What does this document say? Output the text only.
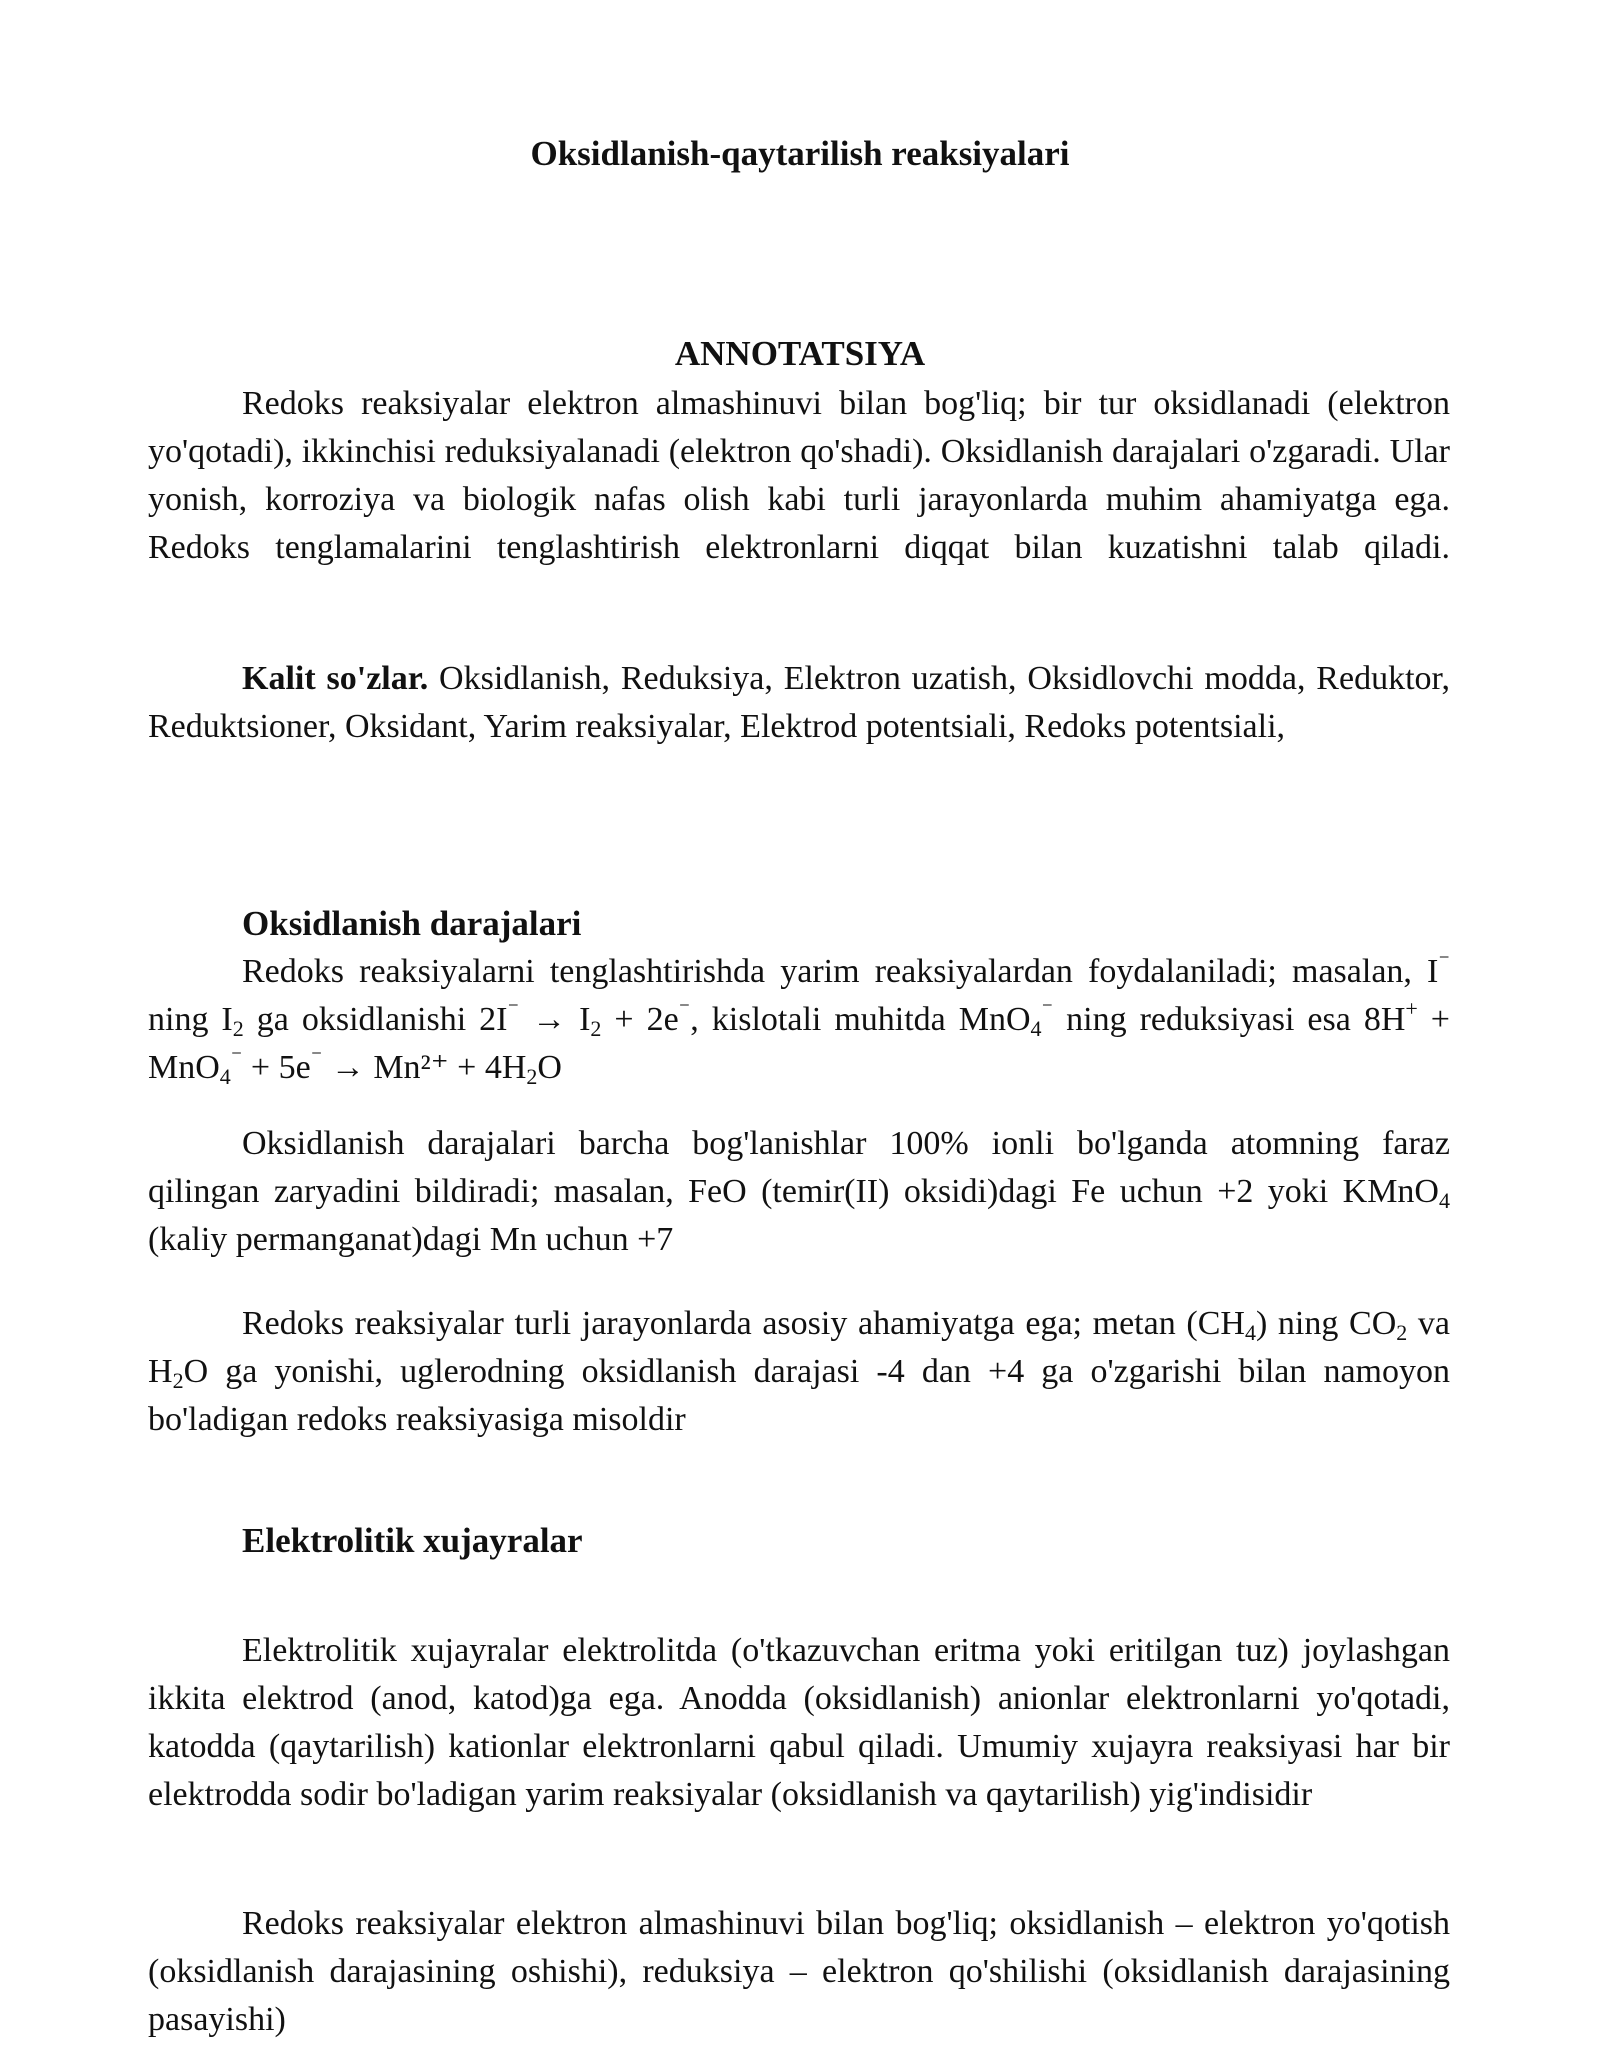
Oksidlanish-qaytarilish reaksiyalari
ANNOTATSIYA

Redoks reaksiyalar elektron almashinuvi bilan bog'liq; bir tur oksidlanadi (elektron yo'qotadi), ikkinchisi reduksiyalanadi (elektron qo'shadi). Oksidlanish darajalari o'zgaradi. Ular yonish, korroziya va biologik nafas olish kabi turli jarayonlarda muhim ahamiyatga ega. Redoks tenglamalarini tenglashtirish elektronlarni diqqat bilan kuzatishni talab qiladi.

Kalit so'zlar. Oksidlanish, Reduksiya, Elektron uzatish, Oksidlovchi modda, Reduktor, Reduktsioner, Oksidant, Yarim reaksiyalar, Elektrod potentsiali, Redoks potentsiali,

Oksidlanish darajalari

Redoks reaksiyalarni tenglashtirishda yarim reaksiyalardan foydalaniladi; masalan, I⁻ ning $I_2$ ga oksidlanishi $2I^{^-} \to I_2 + 2e^{^-}$, kislotali muhitda MnO$_4$⁻ ning reduksiyasi esa $8H^+ + MnO_4^{^-} + 5e^{^-} \to Mn^{2+} + 4H_2O$

Oksidlanish darajalari barcha bog'lanishlar 100% ionli bo'lganda atomning faraz qilingan zaryadini bildiradi; masalan, FeO (temir(II) oksidi)dagi Fe uchun +2 yoki KMnO$_4$ (kaliy permanganat)dagi Mn uchun +7

Redoks reaksiyalar turli jarayonlarda asosiy ahamiyatga ega; metan $(CH_4)$ ning $CO_2$ va $H_2O$ ga yonishi, uglerodning oksidlanish darajasi -4 dan +4 ga o'zgarishi bilan namoyon bo'ladigan redoks reaksiyasiga misoldir

Elektrolitik xujayralar

Elektrolitik xujayralar elektrolitda (o'tkazuvchan eritma yoki eritilgan tuz) joylashgan ikkita elektrod (anod, katod)ga ega. Anodda (oksidlanish) anionlar elektronlarni yo'qotadi, katodda (qaytarilish) kationlar elektronlarni qabul qiladi. Umumiy xujayra reaksiyasi har bir elektrodda sodir bo'ladigan yarim reaksiyalar (oksidlanish va qaytarilish) yig'indisidir

Redoks reaksiyalar elektron almashinuvi bilan bog'liq; oksidlanish – elektron yo'qotish (oksidlanish darajasining oshishi), reduksiya – elektron qo'shilishi (oksidlanish darajasining pasayishi)
